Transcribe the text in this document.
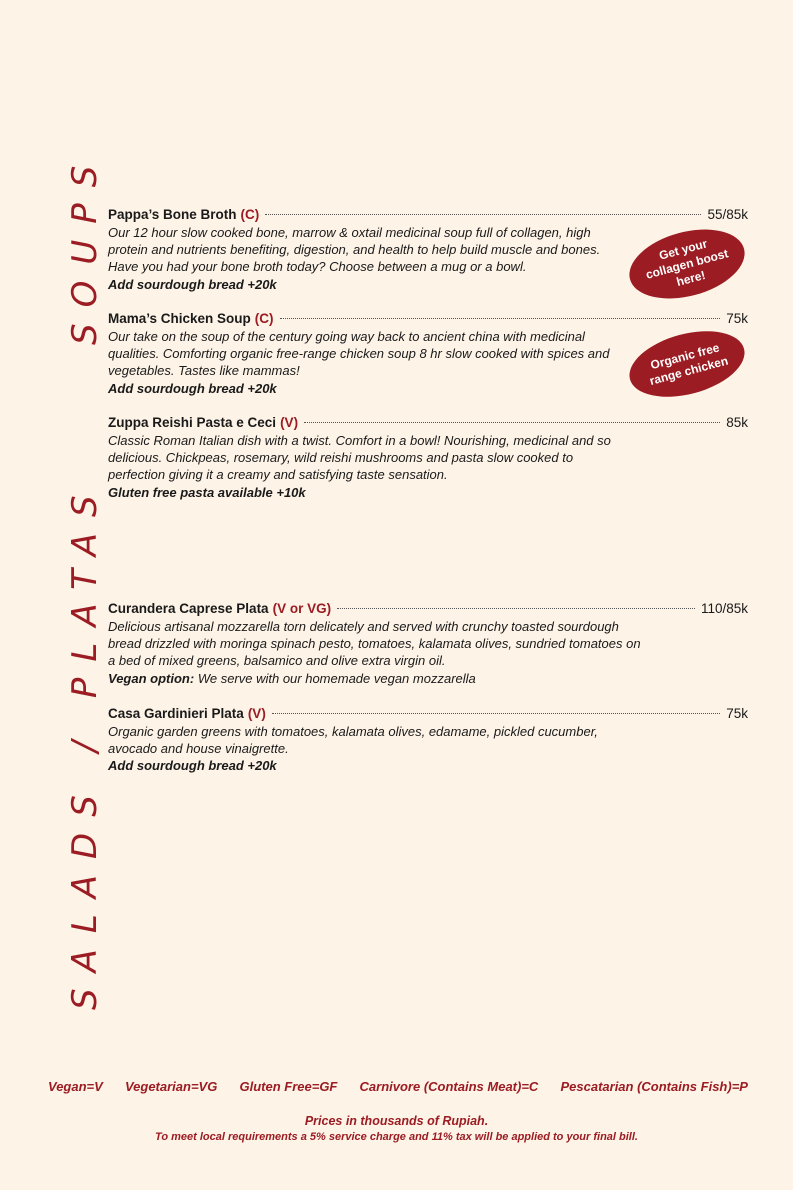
SOUPS
SALADS / PLATAS
Pappa’s Bone Broth (C)	55/85k

Our 12 hour slow cooked bone, marrow & oxtail medicinal soup full of collagen, high protein and nutrients benefiting, digestion, and health to help build muscle and bones. Have you had your bone broth today? Choose between a mug or a bowl.

Add sourdough bread +20k
Mama’s Chicken Soup (C)	75k

Our take on the soup of the century going way back to ancient china with medicinal qualities. Comforting organic free-range chicken soup 8 hr slow cooked with spices and vegetables. Tastes like mammas!

Add sourdough bread +20k
Zuppa Reishi Pasta e Ceci (V)	85k

Classic Roman Italian dish with a twist. Comfort in a bowl! Nourishing, medicinal and so delicious. Chickpeas, rosemary, wild reishi mushrooms and pasta slow cooked to perfection giving it a creamy and satisfying taste sensation.

Gluten free pasta available +10k
Get your collagen boost here!
Organic free range chicken
Curandera Caprese Plata (V or VG)	110/85k

Delicious artisanal mozzarella torn delicately and served with crunchy toasted sourdough bread drizzled with moringa spinach pesto, tomatoes, kalamata olives, sundried tomatoes on a bed of mixed greens, balsamico and olive extra virgin oil.

Vegan option: We serve with our homemade vegan mozzarella
Casa Gardinieri Plata (V)	75k

Organic garden greens with tomatoes, kalamata olives, edamame, pickled cucumber, avocado and house vinaigrette.

Add sourdough bread +20k
Vegan=V Vegetarian=VG Gluten Free=GF Carnivore (Contains Meat)=C Pescatarian (Contains Fish)=P
Prices in thousands of Rupiah.
To meet local requirements a 5% service charge and 11% tax will be applied to your final bill.
